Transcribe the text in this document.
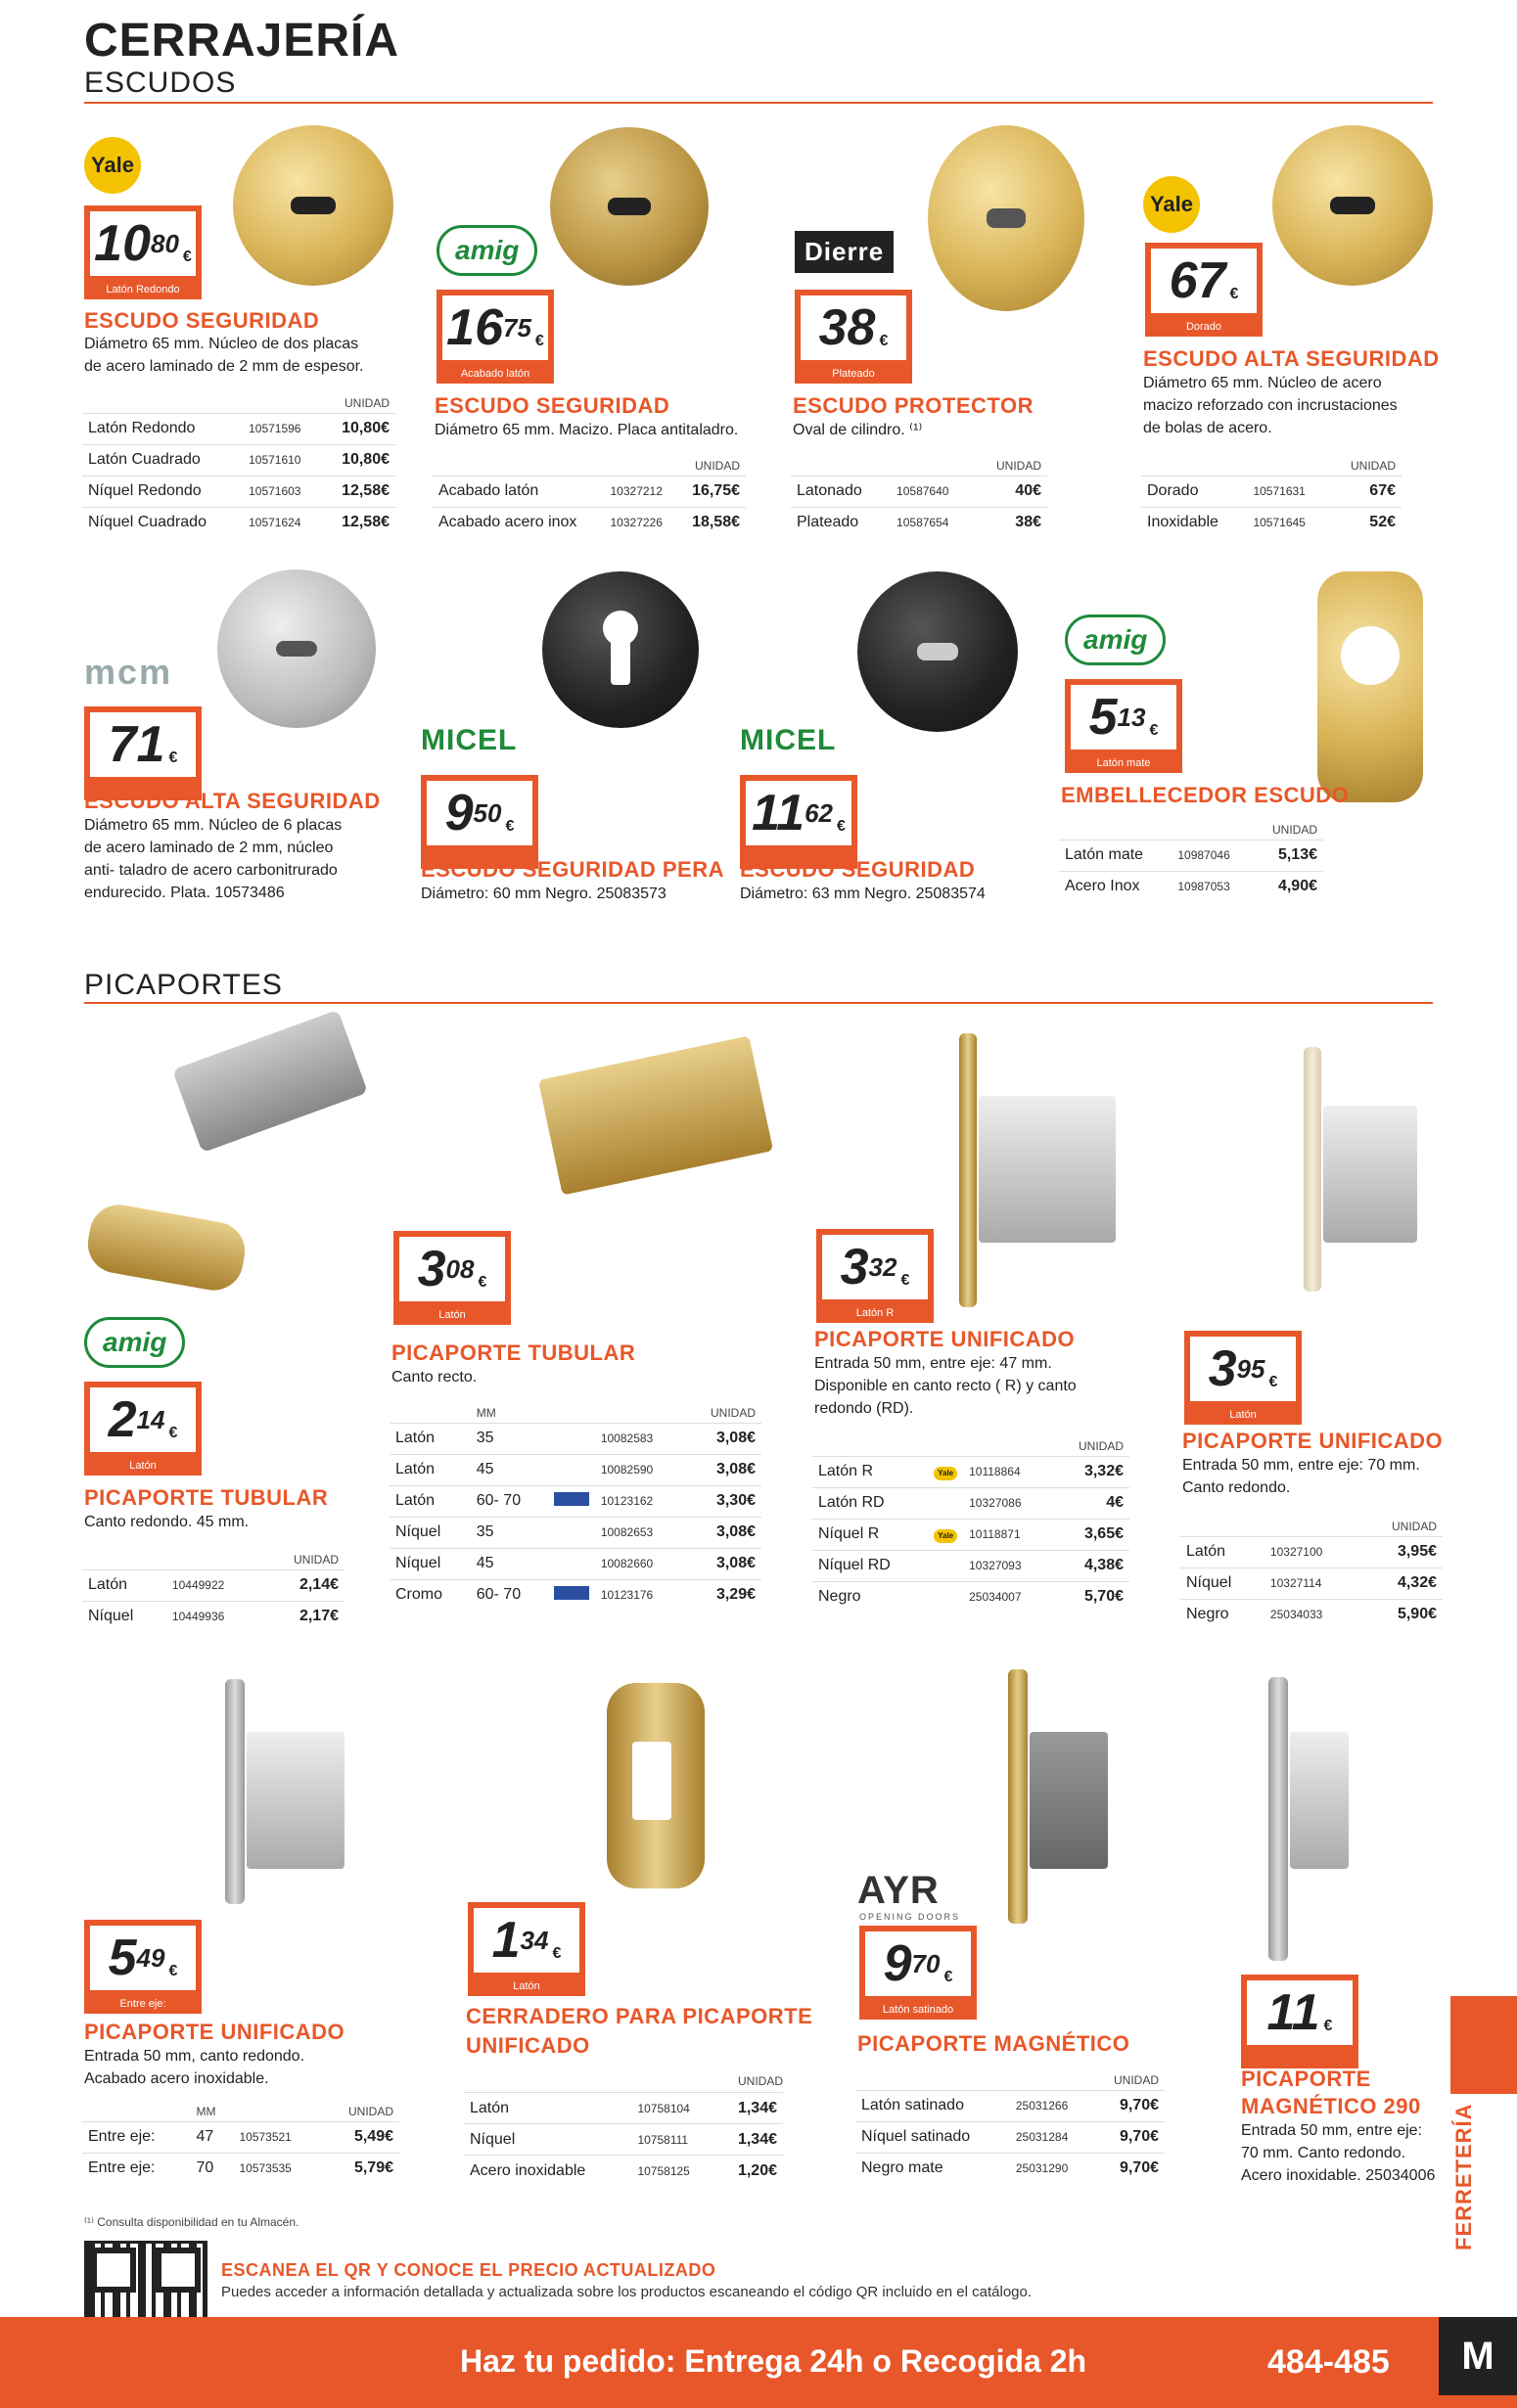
CERRAJERÍA
ESCUDOS
Yale
10 80 €
Latón Redondo
ESCUDO SEGURIDAD
Diámetro 65 mm. Núcleo de dos placas
de acero laminado de 2 mm de espesor.
		UNIDAD
Latón Redondo	10571596	10,80€
Latón Cuadrado	10571610	10,80€
Níquel Redondo	10571603	12,58€
Níquel Cuadrado	10571624	12,58€
amig
16 75 €
Acabado latón
ESCUDO SEGURIDAD
Diámetro 65 mm. Macizo. Placa antitaladro.
		UNIDAD
Acabado latón	10327212	16,75€
Acabado acero inox	10327226	18,58€
Dierre
38 €
Plateado
ESCUDO PROTECTOR
Oval de cilindro. ⁽¹⁾
		UNIDAD
Latonado	10587640	40€
Plateado	10587654	38€
Yale
67 €
Dorado
ESCUDO ALTA SEGURIDAD
Diámetro 65 mm. Núcleo de acero
macizo reforzado con incrustaciones
de bolas de acero.
		UNIDAD
Dorado	10571631	67€
Inoxidable	10571645	52€
mcm
71 €
ESCUDO ALTA SEGURIDAD
Diámetro 65 mm. Núcleo de 6 placas
de acero laminado de 2 mm, núcleo
anti- taladro de acero carbonitrurado
endurecido. Plata. 10573486
MICEL
9 50 €
ESCUDO SEGURIDAD PERA
Diámetro: 60 mm Negro. 25083573
MICEL
11 62 €
ESCUDO SEGURIDAD
Diámetro: 63 mm Negro. 25083574
amig
5 13 €
Latón mate
EMBELLECEDOR ESCUDO
		UNIDAD
Latón mate	10987046	5,13€
Acero Inox	10987053	4,90€
PICAPORTES
amig
2 14 €
Latón
PICAPORTE TUBULAR
Canto redondo. 45 mm.
		UNIDAD
Latón	10449922	2,14€
Níquel	10449936	2,17€
3 08 €
Latón
PICAPORTE TUBULAR
Canto recto.
	MM			UNIDAD
Latón	35		10082583	3,08€
Latón	45		10082590	3,08€
Latón	60- 70		10123162	3,30€
Níquel	35		10082653	3,08€
Níquel	45		10082660	3,08€
Cromo	60- 70		10123176	3,29€
3 32 €
Latón R
PICAPORTE UNIFICADO
Entrada 50 mm, entre eje: 47 mm.
Disponible en canto recto ( R) y canto
redondo (RD).
			UNIDAD
Latón R	Yale	10118864	3,32€
Latón RD		10327086	4€
Níquel R	Yale	10118871	3,65€
Níquel RD		10327093	4,38€
Negro		25034007	5,70€
3 95 €
Latón
PICAPORTE UNIFICADO
Entrada 50 mm, entre eje: 70 mm.
Canto redondo.
		UNIDAD
Latón	10327100	3,95€
Níquel	10327114	4,32€
Negro	25034033	5,90€
5 49 €
Entre eje:
PICAPORTE UNIFICADO
Entrada 50 mm, canto redondo.
Acabado acero inoxidable.
	MM		UNIDAD
Entre eje:	47	10573521	5,49€
Entre eje:	70	10573535	5,79€
1 34 €
Latón
CERRADERO PARA PICAPORTE
UNIFICADO
UNIDAD
Latón	10758104	1,34€
Níquel	10758111	1,34€
Acero inoxidable	10758125	1,20€
AYR
OPENING DOORS
9 70 €
Latón satinado
PICAPORTE MAGNÉTICO
		UNIDAD
Latón satinado	25031266	9,70€
Níquel satinado	25031284	9,70€
Negro mate	25031290	9,70€
11 €
PICAPORTE
MAGNÉTICO 290
Entrada 50 mm, entre eje:
70 mm. Canto redondo.
Acero inoxidable. 25034006 FERRETERÍA
⁽¹⁾ Consulta disponibilidad en tu Almacén.
ESCANEA EL QR Y CONOCE EL PRECIO ACTUALIZADO
Puedes acceder a información detallada y actualizada sobre los productos escaneando el código QR incluido en el catálogo.
Haz tu pedido: Entrega 24h o Recogida 2h	484-485	M
